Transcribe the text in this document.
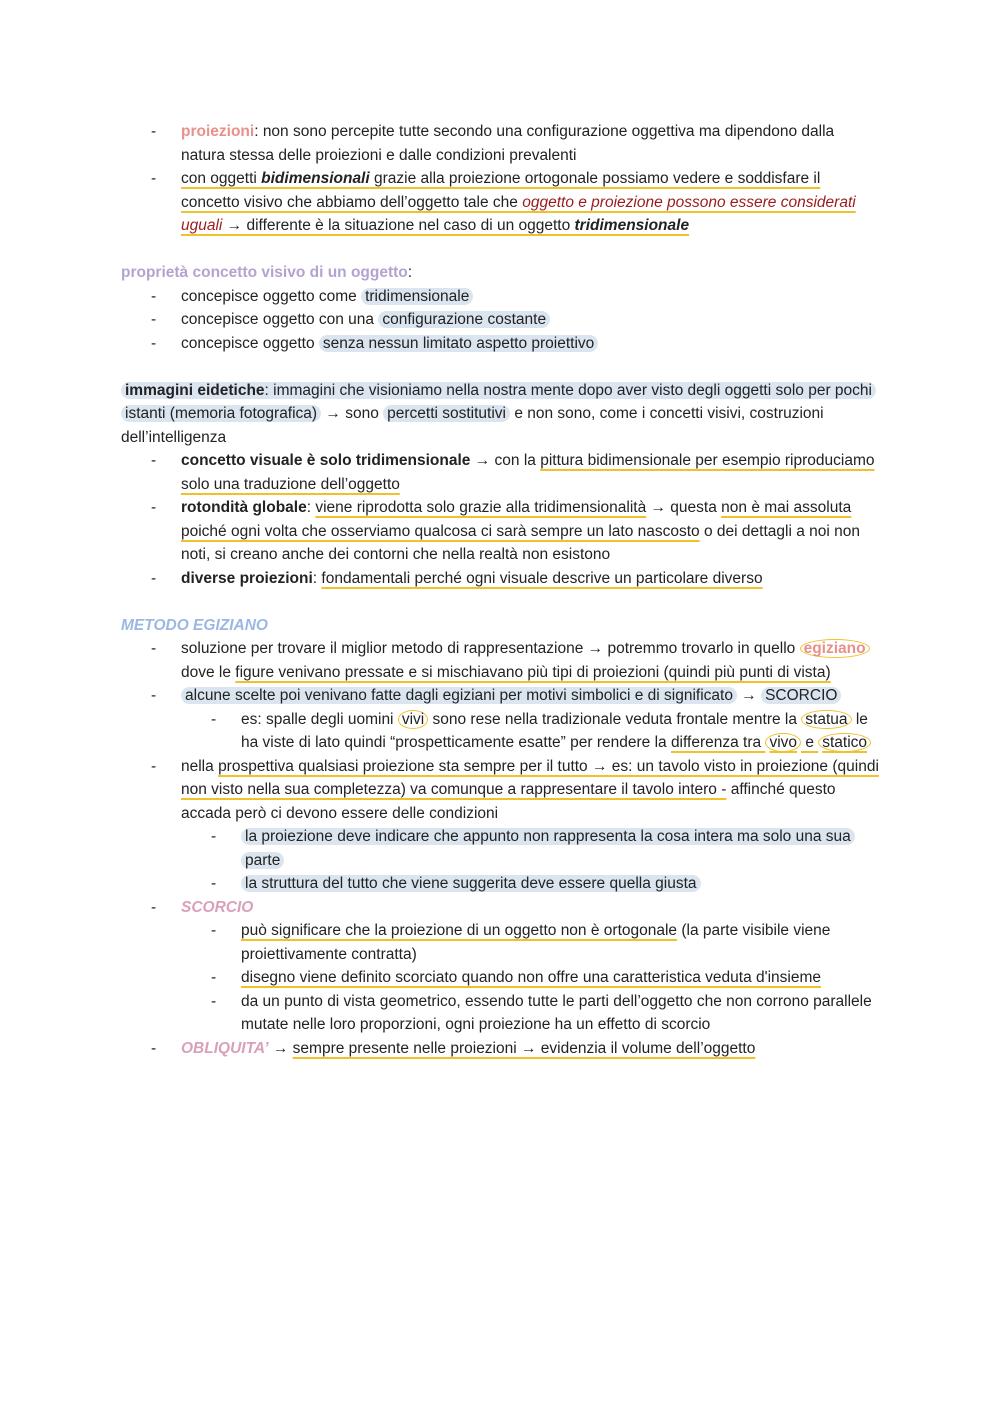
- proiezioni: non sono percepite tutte secondo una configurazione oggettiva ma dipendono dalla natura stessa delle proiezioni e dalle condizioni prevalenti
- con oggetti bidimensionali grazie alla proiezione ortogonale possiamo vedere e soddisfare il concetto visivo che abbiamo dell’oggetto tale che oggetto e proiezione possono essere considerati uguali → differente è la situazione nel caso di un oggetto tridimensionale
proprietà concetto visivo di un oggetto:
- concepisce oggetto come tridimensionale
- concepisce oggetto con una configurazione costante
- concepisce oggetto senza nessun limitato aspetto proiettivo
immagini eidetiche: immagini che visioniamo nella nostra mente dopo aver visto degli oggetti solo per pochi istanti (memoria fotografica) → sono percetti sostitutivi e non sono, come i concetti visivi, costruzioni dell’intelligenza
- concetto visuale è solo tridimensionale → con la pittura bidimensionale per esempio riproduciamo solo una traduzione dell’oggetto
- rotondità globale: viene riprodotta solo grazie alla tridimensionalità → questa non è mai assoluta poiché ogni volta che osserviamo qualcosa ci sarà sempre un lato nascosto o dei dettagli a noi non noti, si creano anche dei contorni che nella realtà non esistono
- diverse proiezioni: fondamentali perché ogni visuale descrive un particolare diverso
METODO EGIZIANO
- soluzione per trovare il miglior metodo di rappresentazione → potremmo trovarlo in quello egiziano dove le figure venivano pressate e si mischiavano più tipi di proiezioni (quindi più punti di vista)
- alcune scelte poi venivano fatte dagli egiziani per motivi simbolici e di significato → SCORCIO
- es: spalle degli uomini vivi sono rese nella tradizionale veduta frontale mentre la statua le ha viste di lato quindi “prospetticamente esatte” per rendere la differenza tra vivo e statico
- nella prospettiva qualsiasi proiezione sta sempre per il tutto → es: un tavolo visto in proiezione (quindi non visto nella sua completezza) va comunque a rappresentare il tavolo intero - affinché questo accada però ci devono essere delle condizioni
- la proiezione deve indicare che appunto non rappresenta la cosa intera ma solo una sua parte
- la struttura del tutto che viene suggerita deve essere quella giusta
- SCORCIO
- può significare che la proiezione di un oggetto non è ortogonale (la parte visibile viene proiettivamente contratta)
- disegno viene definito scorciato quando non offre una caratteristica veduta d'insieme
- da un punto di vista geometrico, essendo tutte le parti dell’oggetto che non corrono parallele mutate nelle loro proporzioni, ogni proiezione ha un effetto di scorcio
- OBLIQUITA’ → sempre presente nelle proiezioni → evidenzia il volume dell’oggetto
